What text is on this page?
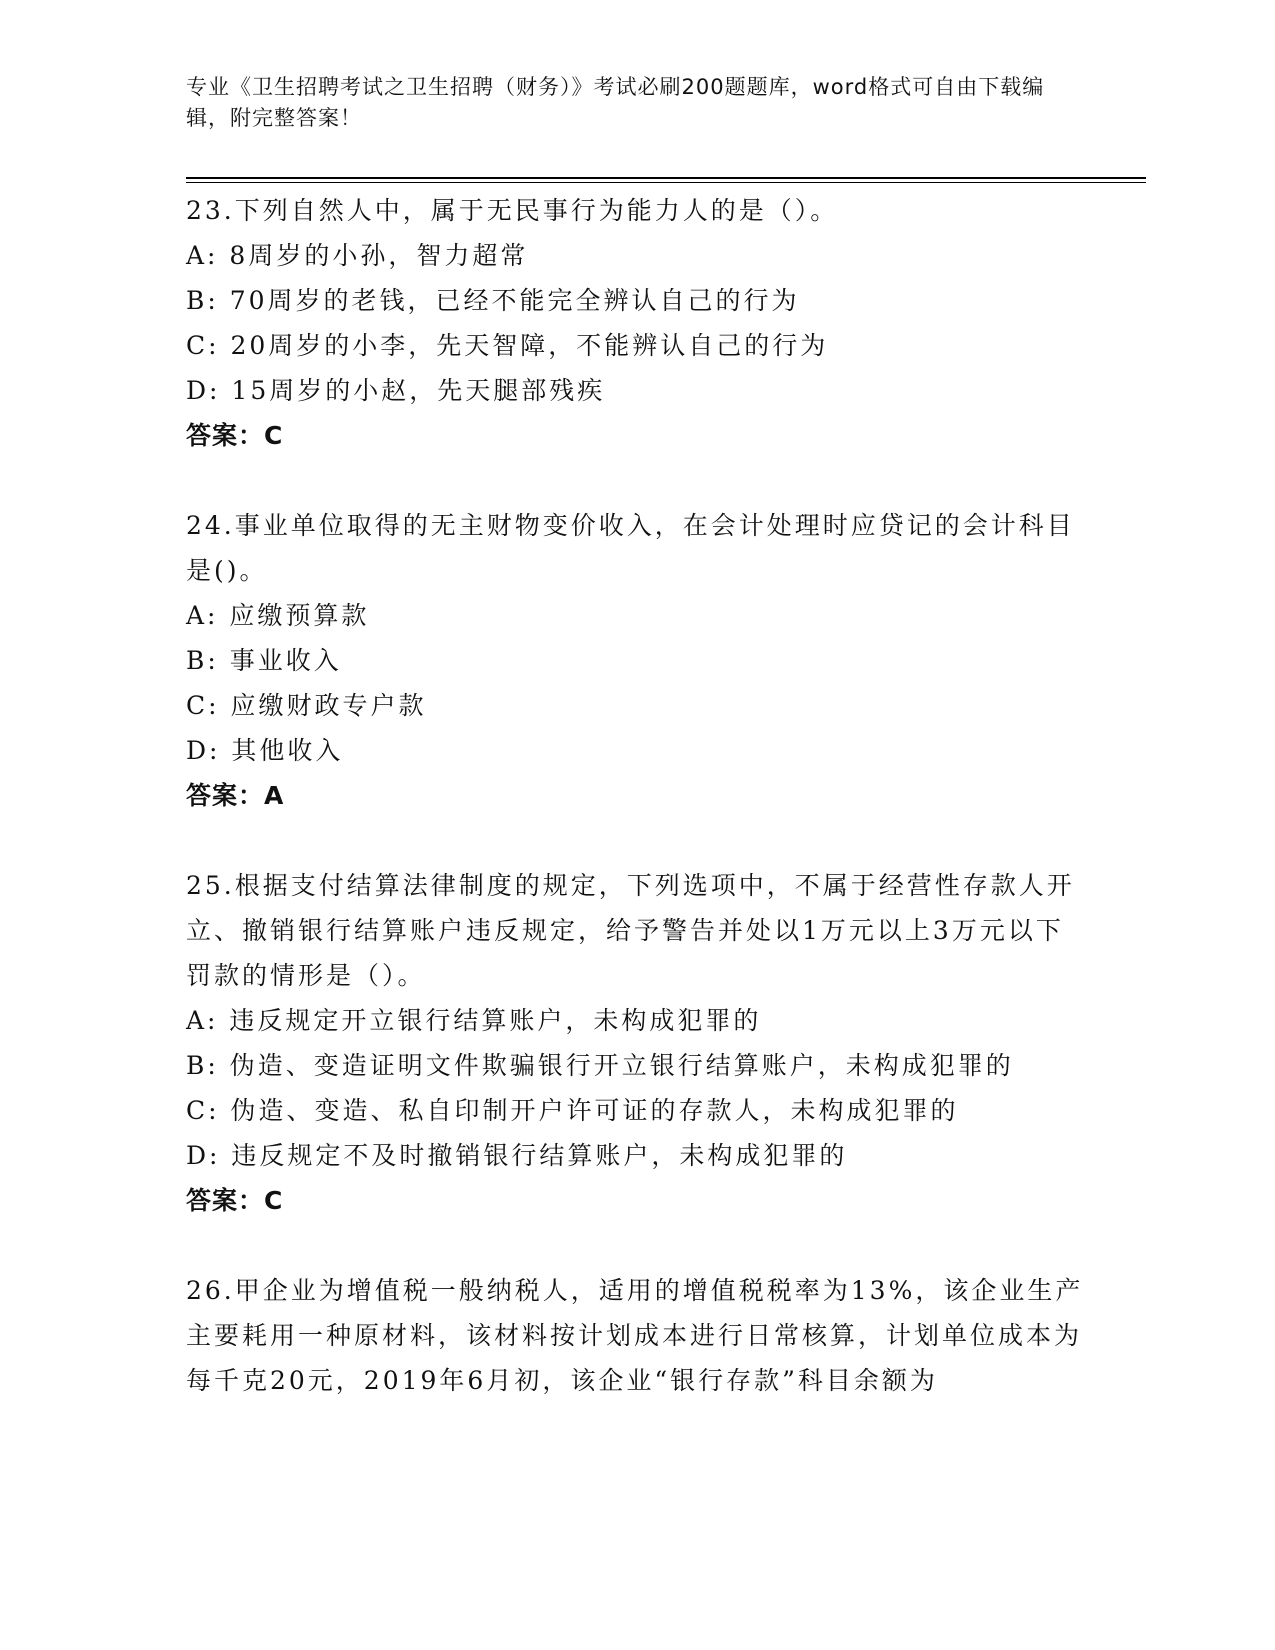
专业《卫生招聘考试之卫生招聘（财务）》考试必刷200题题库，word格式可自由下载编辑，附完整答案！
23.下列自然人中，属于无民事行为能力人的是（）。
A: 8周岁的小孙，智力超常
B: 70周岁的老钱，已经不能完全辨认自己的行为
C: 20周岁的小李，先天智障，不能辨认自己的行为
D: 15周岁的小赵，先天腿部残疾
答案：C
24.事业单位取得的无主财物变价收入，在会计处理时应贷记的会计科目是()。
A: 应缴预算款
B: 事业收入
C: 应缴财政专户款
D: 其他收入
答案：A
25.根据支付结算法律制度的规定，下列选项中，不属于经营性存款人开立、撤销银行结算账户违反规定，给予警告并处以1万元以上3万元以下罚款的情形是（）。
A: 违反规定开立银行结算账户，未构成犯罪的
B: 伪造、变造证明文件欺骗银行开立银行结算账户，未构成犯罪的
C: 伪造、变造、私自印制开户许可证的存款人，未构成犯罪的
D: 违反规定不及时撤销银行结算账户，未构成犯罪的
答案：C
26.甲企业为增值税一般纳税人，适用的增值税税率为13%，该企业生产主要耗用一种原材料，该材料按计划成本进行日常核算，计划单位成本为每千克20元，2019年6月初，该企业“银行存款”科目余额为
